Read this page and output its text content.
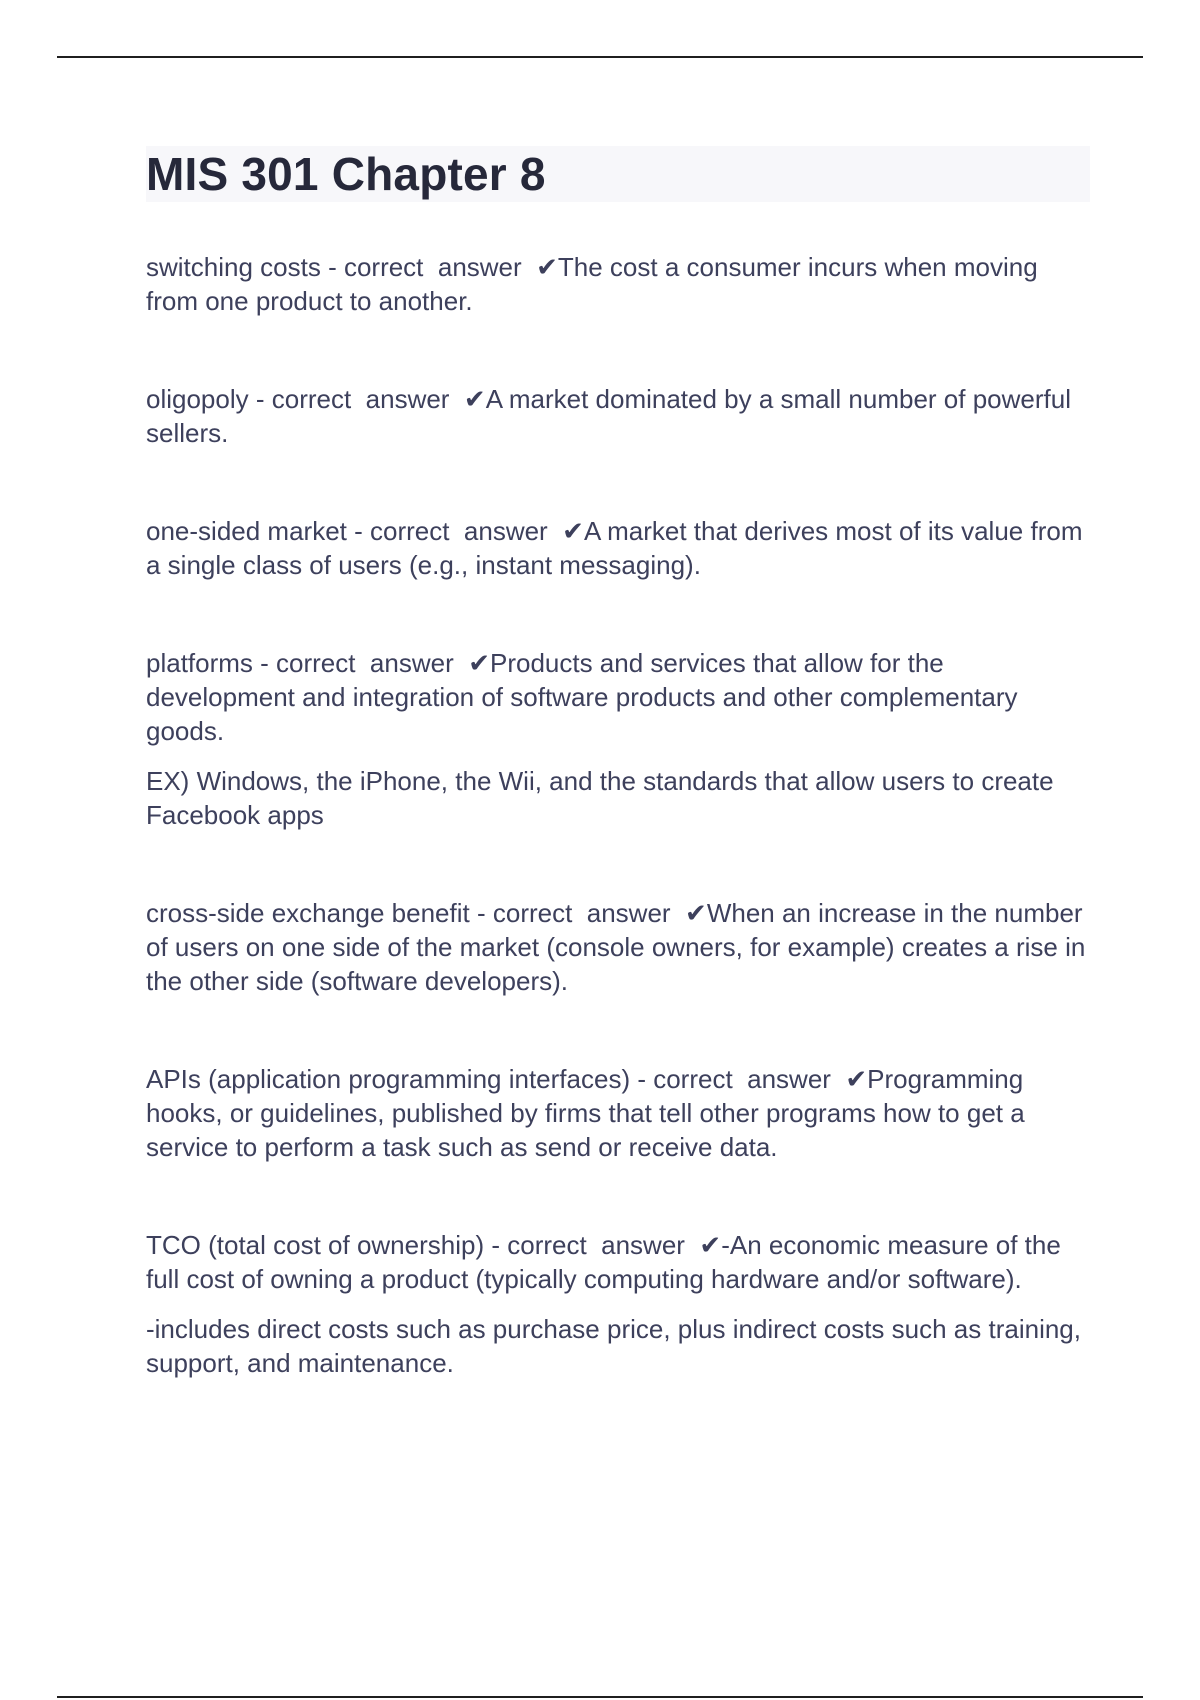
MIS 301 Chapter 8

switching costs - correct  answer  ✔The cost a consumer incurs when moving from one product to another.

oligopoly - correct  answer  ✔A market dominated by a small number of powerful sellers.

one-sided market - correct  answer  ✔A market that derives most of its value from a single class of users (e.g., instant messaging).

platforms - correct  answer  ✔Products and services that allow for the development and integration of software products and other complementary goods.

EX) Windows, the iPhone, the Wii, and the standards that allow users to create Facebook apps

cross-side exchange benefit - correct  answer  ✔When an increase in the number of users on one side of the market (console owners, for example) creates a rise in the other side (software developers).

APIs (application programming interfaces) - correct  answer  ✔Programming hooks, or guidelines, published by firms that tell other programs how to get a service to perform a task such as send or receive data.

TCO (total cost of ownership) - correct  answer  ✔-An economic measure of the full cost of owning a product (typically computing hardware and/or software).

-includes direct costs such as purchase price, plus indirect costs such as training, support, and maintenance.
